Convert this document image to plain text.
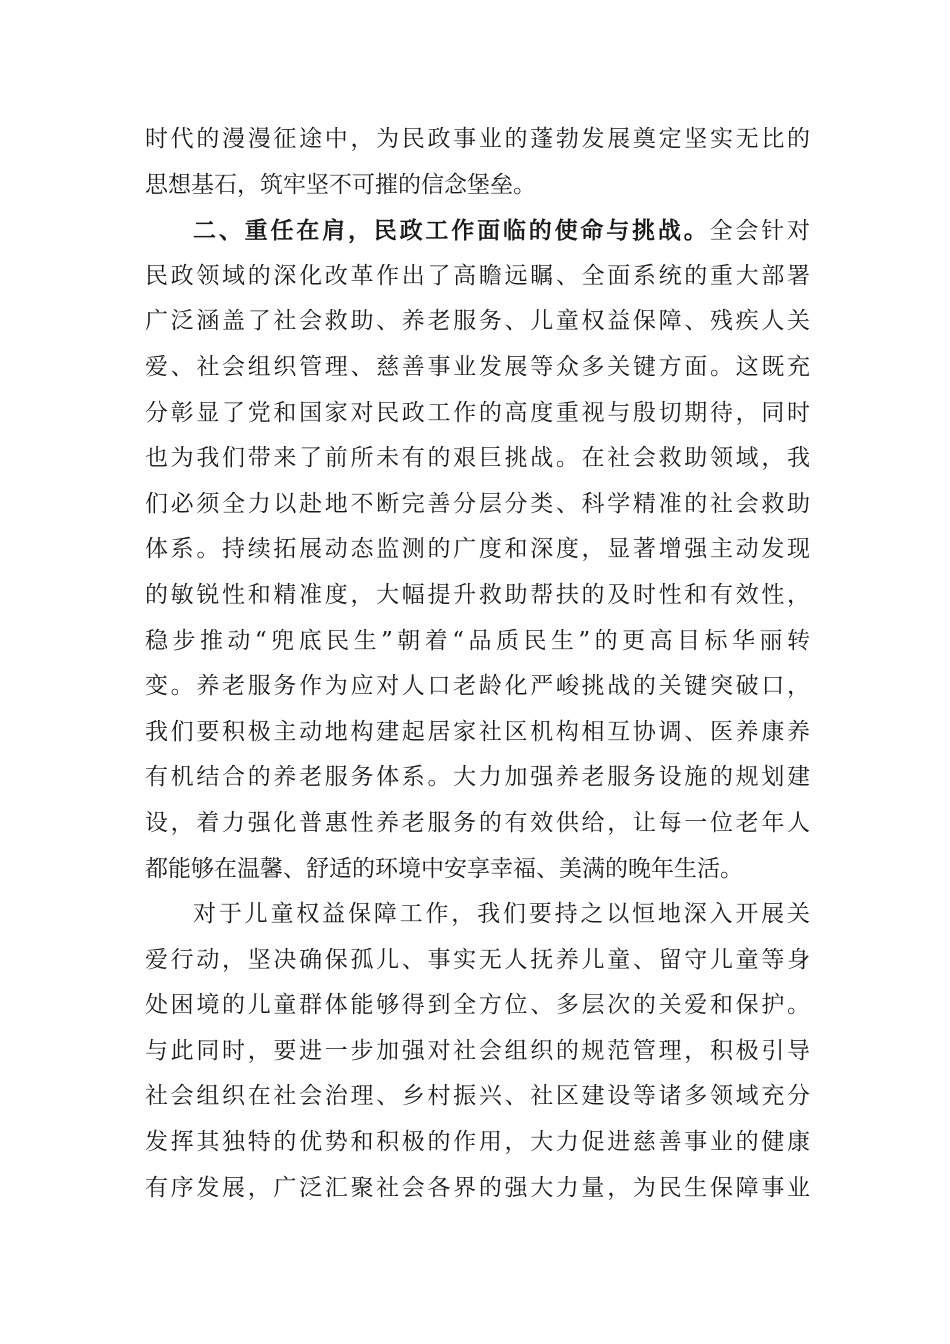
时代的漫漫征途中，为民政事业的蓬勃发展奠定坚实无比的
思想基石，筑牢坚不可摧的信念堡垒。
二、重任在肩，民政工作面临的使命与挑战。全会针对
民政领域的深化改革作出了高瞻远瞩、全面系统的重大部署
广泛涵盖了社会救助、养老服务、儿童权益保障、残疾人关
爱、社会组织管理、慈善事业发展等众多关键方面。这既充
分彰显了党和国家对民政工作的高度重视与殷切期待，同时
也为我们带来了前所未有的艰巨挑战。在社会救助领域，我
们必须全力以赴地不断完善分层分类、科学精准的社会救助
体系。持续拓展动态监测的广度和深度，显著增强主动发现
的敏锐性和精准度，大幅提升救助帮扶的及时性和有效性，
稳步推动“兜底民生”朝着“品质民生”的更高目标华丽转
变。养老服务作为应对人口老龄化严峻挑战的关键突破口，
我们要积极主动地构建起居家社区机构相互协调、医养康养
有机结合的养老服务体系。大力加强养老服务设施的规划建
设，着力强化普惠性养老服务的有效供给，让每一位老年人
都能够在温馨、舒适的环境中安享幸福、美满的晚年生活。
对于儿童权益保障工作，我们要持之以恒地深入开展关
爱行动，坚决确保孤儿、事实无人抚养儿童、留守儿童等身
处困境的儿童群体能够得到全方位、多层次的关爱和保护。
与此同时，要进一步加强对社会组织的规范管理，积极引导
社会组织在社会治理、乡村振兴、社区建设等诸多领域充分
发挥其独特的优势和积极的作用，大力促进慈善事业的健康
有序发展，广泛汇聚社会各界的强大力量，为民生保障事业
